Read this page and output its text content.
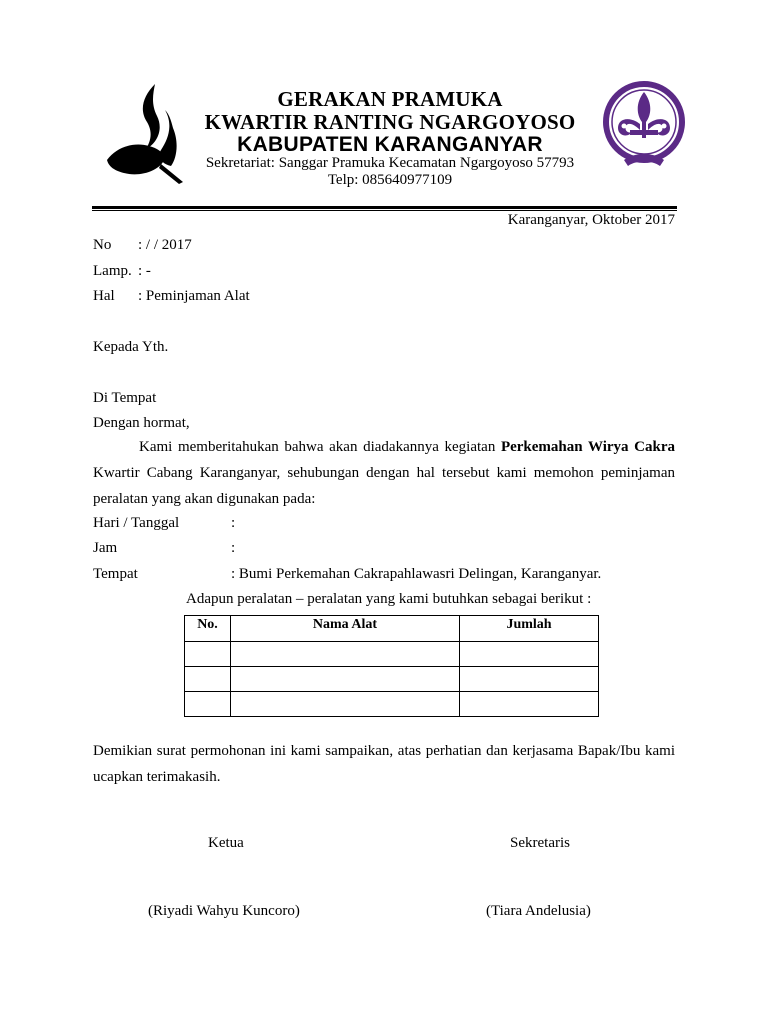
GERAKAN PRAMUKA
KWARTIR RANTING NGARGOYOSO
KABUPATEN KARANGANYAR
Sekretariat: Sanggar Pramuka Kecamatan Ngargoyoso 57793
Telp: 085640977109
Karanganyar, Oktober 2017
No : / / 2017
Lamp. : -
Hal : Peminjaman Alat
Kepada Yth.
Di Tempat
Dengan hormat,
Kami memberitahukan bahwa akan diadakannya kegiatan Perkemahan Wirya Cakra Kwartir Cabang Karanganyar, sehubungan dengan hal tersebut kami memohon peminjaman peralatan yang akan digunakan pada:
Hari / Tanggal	:
Jam	:
Tempat	: Bumi Perkemahan Cakrapahlawasri Delingan, Karanganyar.
Adapun peralatan – peralatan yang kami butuhkan sebagai berikut :
No.	Nama Alat	Jumlah

Demikian surat permohonan ini kami sampaikan, atas perhatian dan kerjasama Bapak/Ibu kami ucapkan terimakasih.
Ketua	Sekretaris
(Riyadi Wahyu Kuncoro)	(Tiara Andelusia)
